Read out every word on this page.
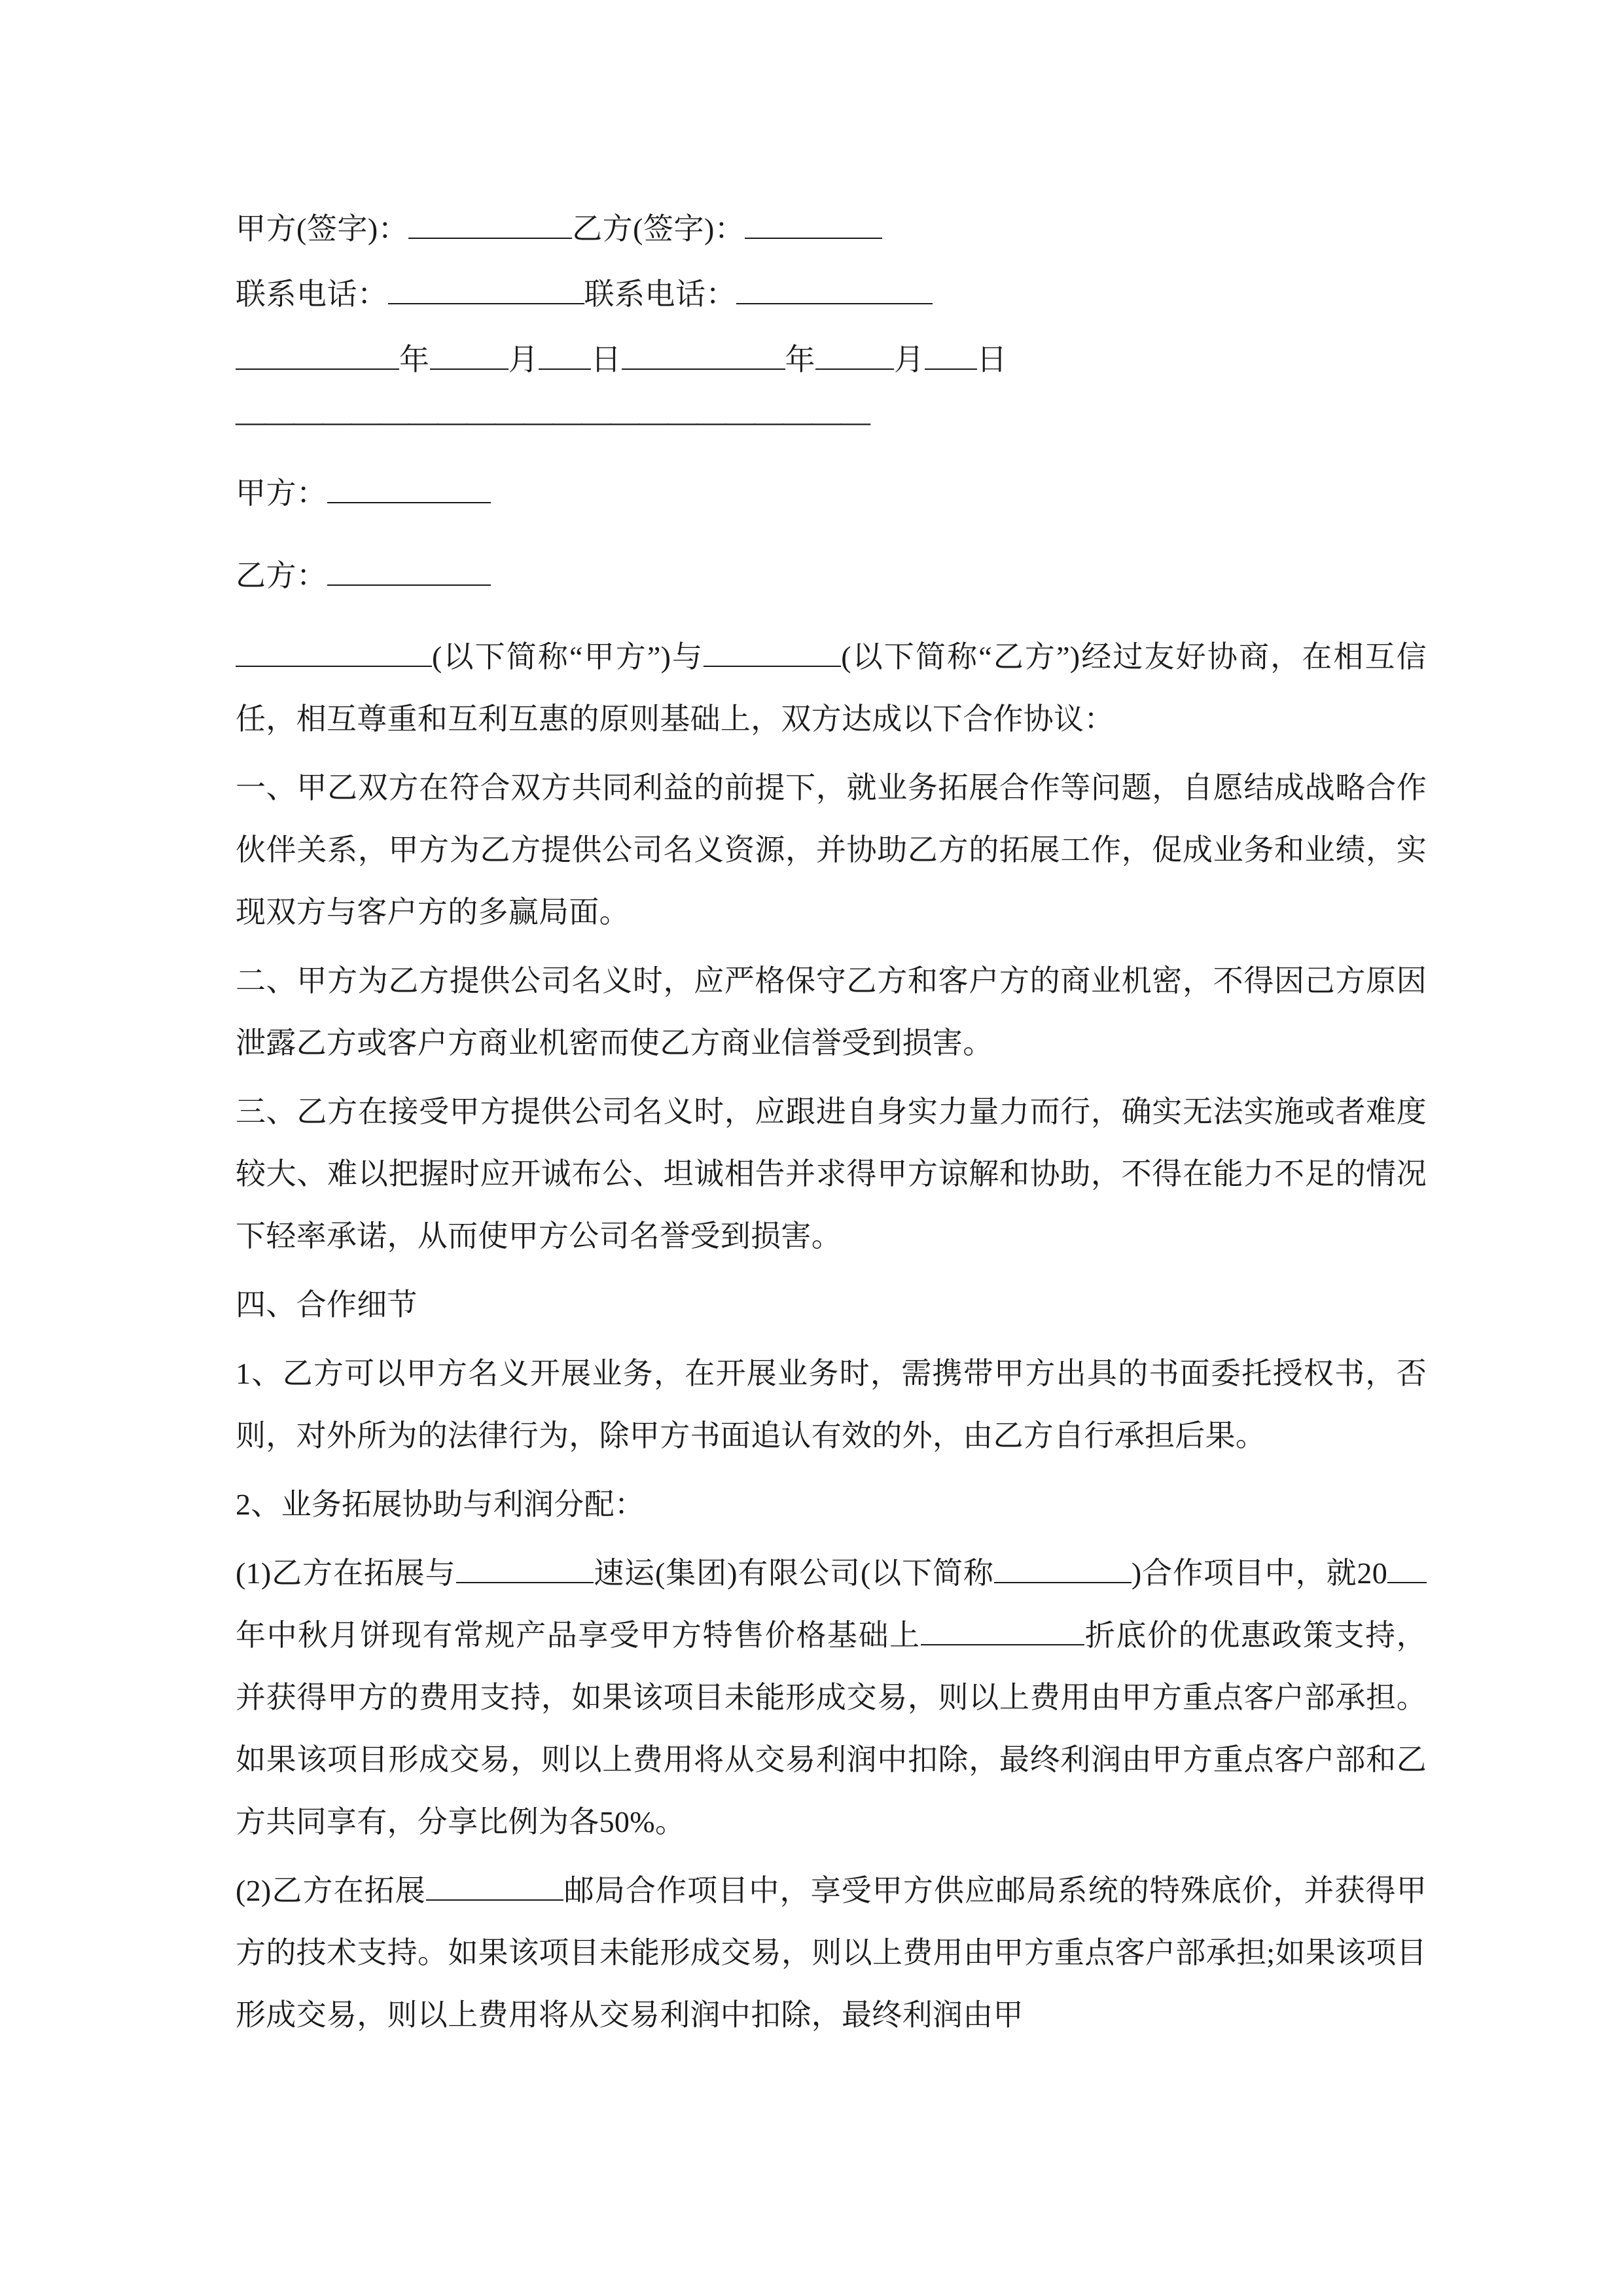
甲方(签字)：	乙方(签字)：

联系电话：	联系电话：

年	月 日	年	月 日

——————————————————————

甲方：

乙方：

(以下简称“甲方”)与	(以下简称“乙方”)经过友好协商，在相互信任，相互尊重和互利互惠的原则基础上，双方达成以下合作协议：

一、甲乙双方在符合双方共同利益的前提下，就业务拓展合作等问题，自愿结成战略合作伙伴关系，甲方为乙方提供公司名义资源，并协助乙方的拓展工作，促成业务和业绩，实现双方与客户方的多赢局面。

二、甲方为乙方提供公司名义时，应严格保守乙方和客户方的商业机密，不得因己方原因泄露乙方或客户方商业机密而使乙方商业信誉受到损害。

三、乙方在接受甲方提供公司名义时，应跟进自身实力量力而行，确实无法实施或者难度较大、难以把握时应开诚布公、坦诚相告并求得甲方谅解和协助，不得在能力不足的情况下轻率承诺，从而使甲方公司名誉受到损害。

四、合作细节

1、乙方可以甲方名义开展业务，在开展业务时，需携带甲方出具的书面委托授权书，否则，对外所为的法律行为，除甲方书面追认有效的外，由乙方自行承担后果。

2、业务拓展协助与利润分配：

(1)乙方在拓展与	速运(集团)有限公司(以下简称	)合作项目中，就20年中秋月饼现有常规产品享受甲方特售价格基础上	折底价的优惠政策支持，并获得甲方的费用支持，如果该项目未能形成交易，则以上费用由甲方重点客户部承担。如果该项目形成交易，则以上费用将从交易利润中扣除，最终利润由甲方重点客户部和乙方共同享有，分享比例为各50%。

(2)乙方在拓展	邮局合作项目中，享受甲方供应邮局系统的特殊底价，并获得甲方的技术支持。如果该项目未能形成交易，则以上费用由甲方重点客户部承担;如果该项目形成交易，则以上费用将从交易利润中扣除，最终利润由甲
